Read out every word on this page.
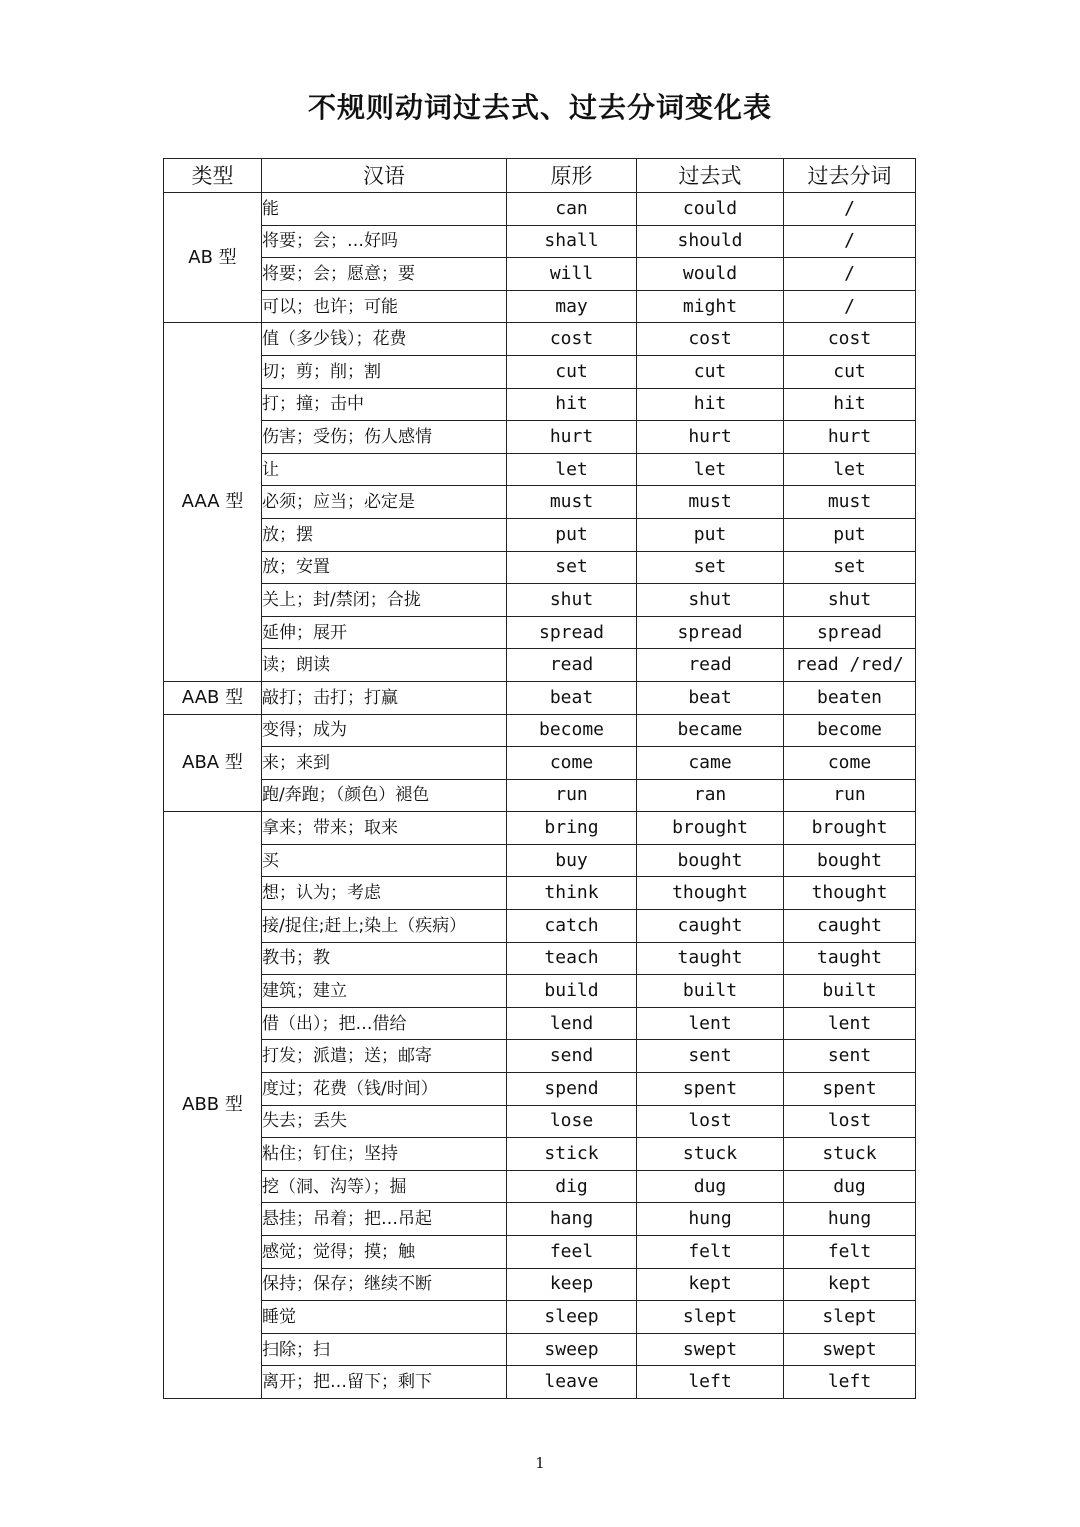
不规则动词过去式、过去分词变化表
类型	汉语	原形	过去式	过去分词
AB 型	能	can	could	/
	将要；会；…好吗	shall	should	/
	将要；会；愿意；要	will	would	/
	可以；也许；可能	may	might	/
AAA 型	值（多少钱）；花费	cost	cost	cost
	切；剪；削；割	cut	cut	cut
	打；撞；击中	hit	hit	hit
	伤害；受伤；伤人感情	hurt	hurt	hurt
	让	let	let	let
	必须；应当；必定是	must	must	must
	放；摆	put	put	put
	放；安置	set	set	set
	关上；封/禁闭；合拢	shut	shut	shut
	延伸；展开	spread	spread	spread
	读；朗读	read	read	read /red/
AAB 型	敲打；击打；打赢	beat	beat	beaten
ABA 型	变得；成为	become	became	become
	来；来到	come	came	come
	跑/奔跑；（颜色）褪色	run	ran	run
ABB 型	拿来；带来；取来	bring	brought	brought
	买	buy	bought	bought
	想；认为；考虑	think	thought	thought
	接/捉住;赶上;染上（疾病）	catch	caught	caught
	教书；教	teach	taught	taught
	建筑；建立	build	built	built
	借（出）；把…借给	lend	lent	lent
	打发；派遣；送；邮寄	send	sent	sent
	度过；花费（钱/时间）	spend	spent	spent
	失去；丢失	lose	lost	lost
	粘住；钉住；坚持	stick	stuck	stuck
	挖（洞、沟等）；掘	dig	dug	dug
	悬挂；吊着；把…吊起	hang	hung	hung
	感觉；觉得；摸；触	feel	felt	felt
	保持；保存；继续不断	keep	kept	kept
	睡觉	sleep	slept	slept
	扫除；扫	sweep	swept	swept
	离开；把…留下；剩下	leave	left	left
1
